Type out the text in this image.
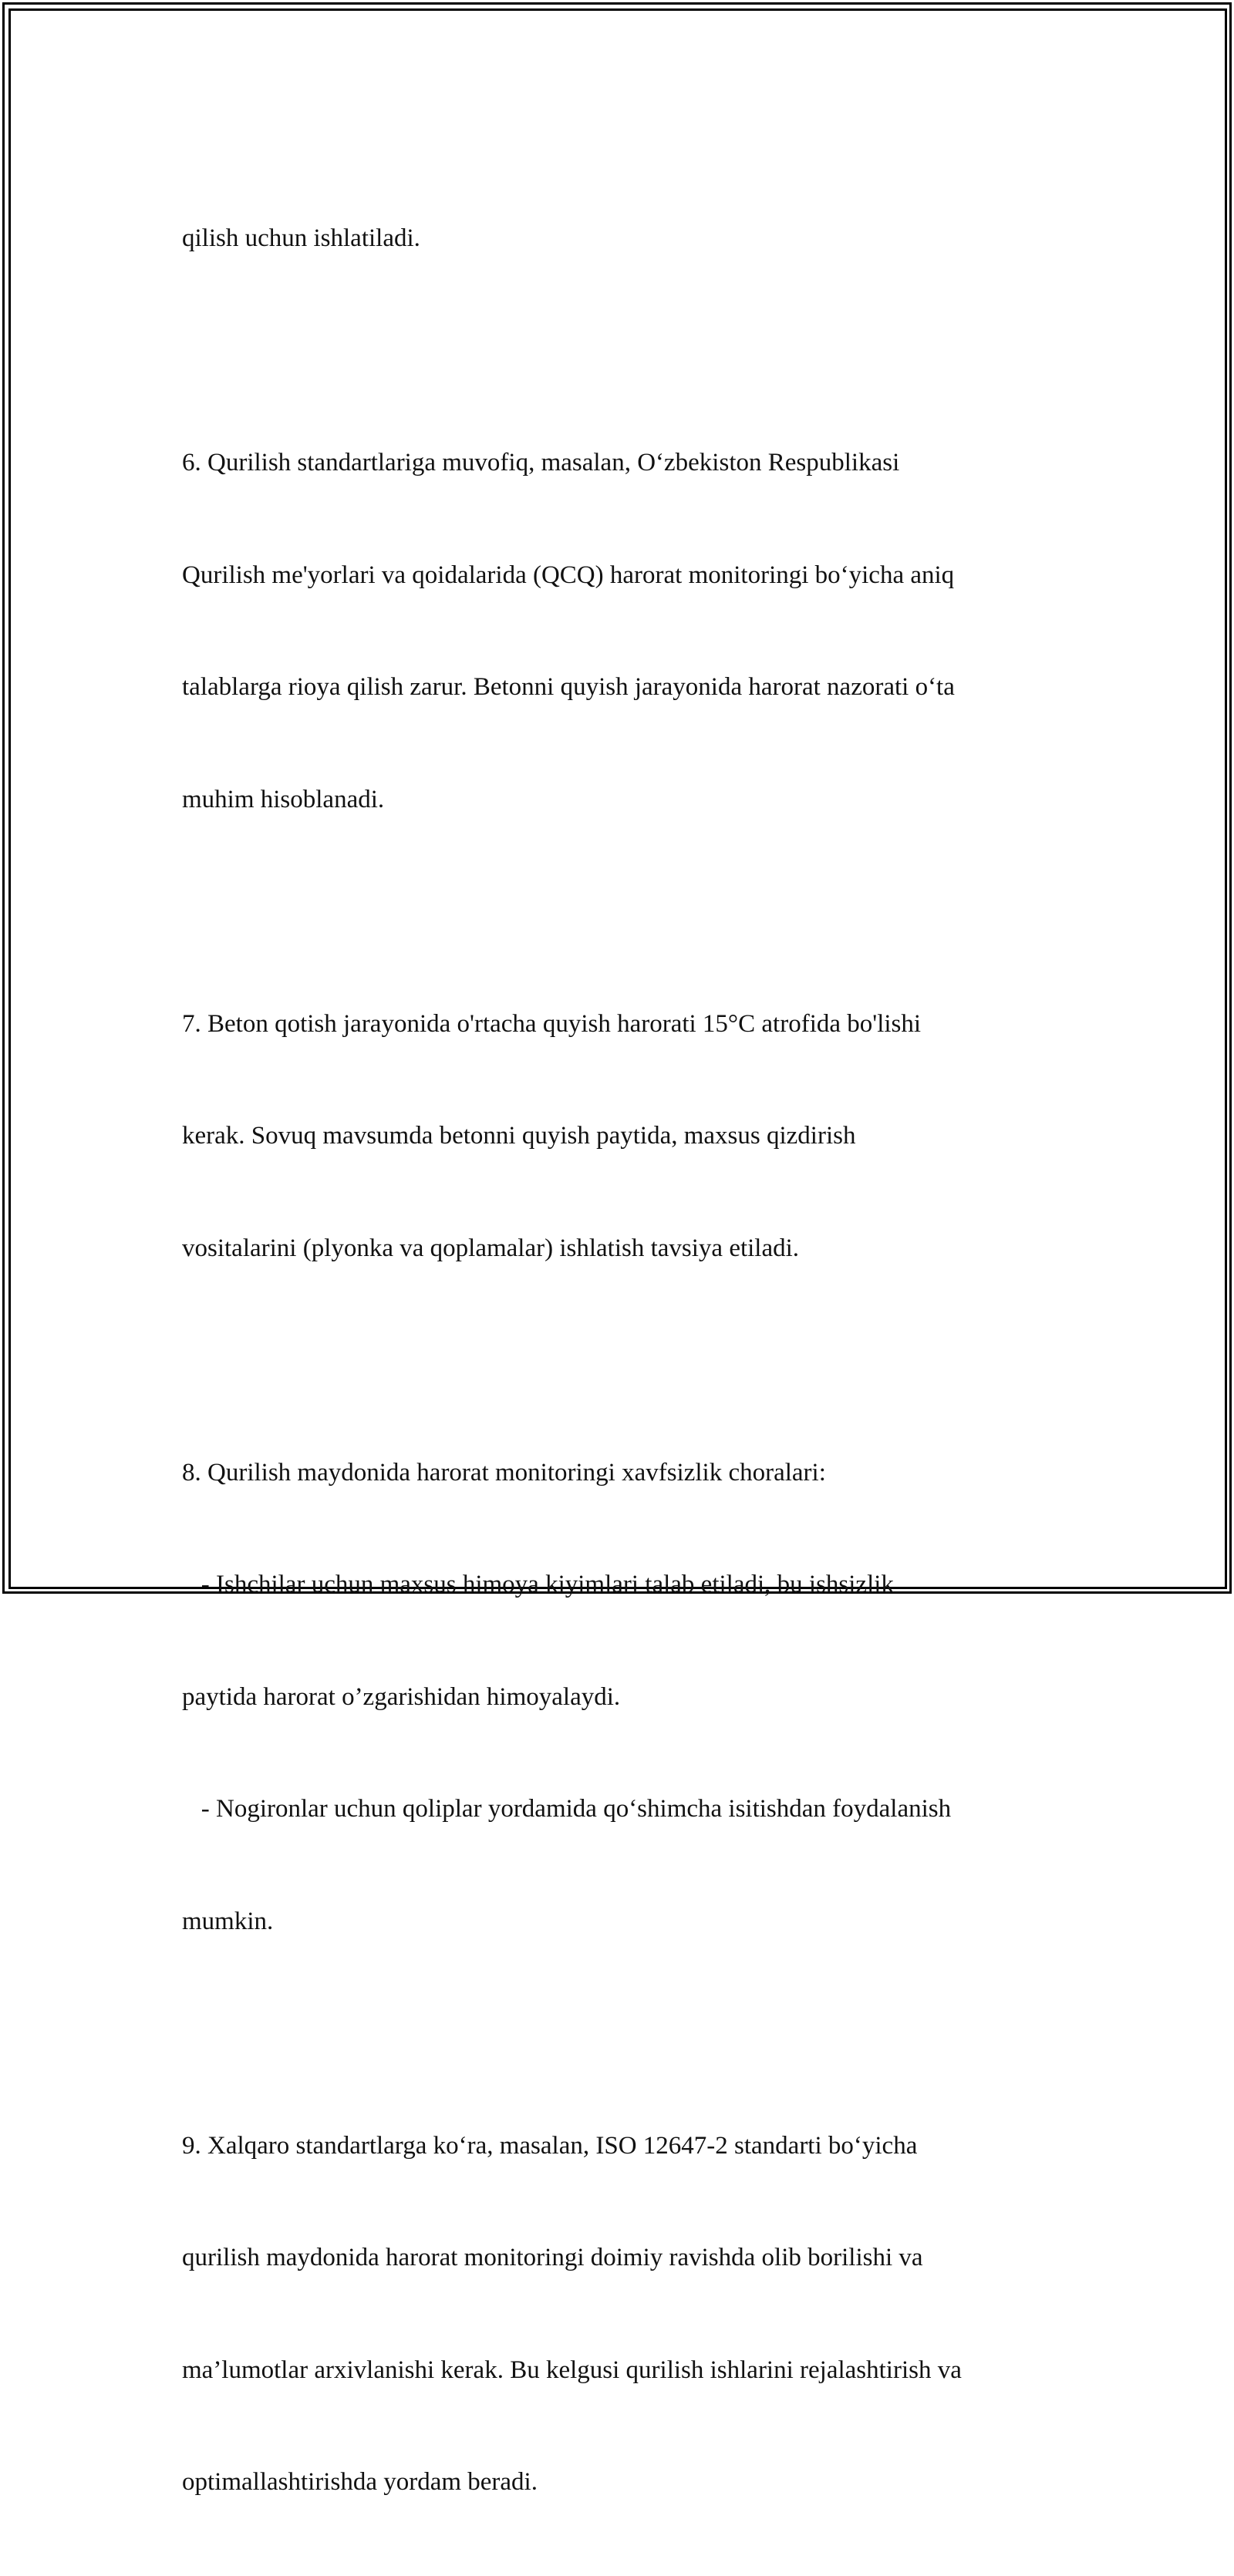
qilish uchun ishlatiladi.

6. Qurilish standartlariga muvofiq, masalan, O‘zbekiston Respublikasi

Qurilish me'yorlari va qoidalarida (QCQ) harorat monitoringi bo‘yicha aniq

talablarga rioya qilish zarur. Betonni quyish jarayonida harorat nazorati o‘ta

muhim hisoblanadi.

7. Beton qotish jarayonida o'rtacha quyish harorati 15°C atrofida bo'lishi

kerak. Sovuq mavsumda betonni quyish paytida, maxsus qizdirish

vositalarini (plyonka va qoplamalar) ishlatish tavsiya etiladi.

8. Qurilish maydonida harorat monitoringi xavfsizlik choralari:

- Ishchilar uchun maxsus himoya kiyimlari talab etiladi, bu ishsizlik

paytida harorat o’zgarishidan himoyalaydi.

- Nogironlar uchun qoliplar yordamida qo‘shimcha isitishdan foydalanish

mumkin.

9. Xalqaro standartlarga ko‘ra, masalan, ISO 12647-2 standarti bo‘yicha

qurilish maydonida harorat monitoringi doimiy ravishda olib borilishi va

ma’lumotlar arxivlanishi kerak. Bu kelgusi qurilish ishlarini rejalashtirish va

optimallashtirishda yordam beradi.
